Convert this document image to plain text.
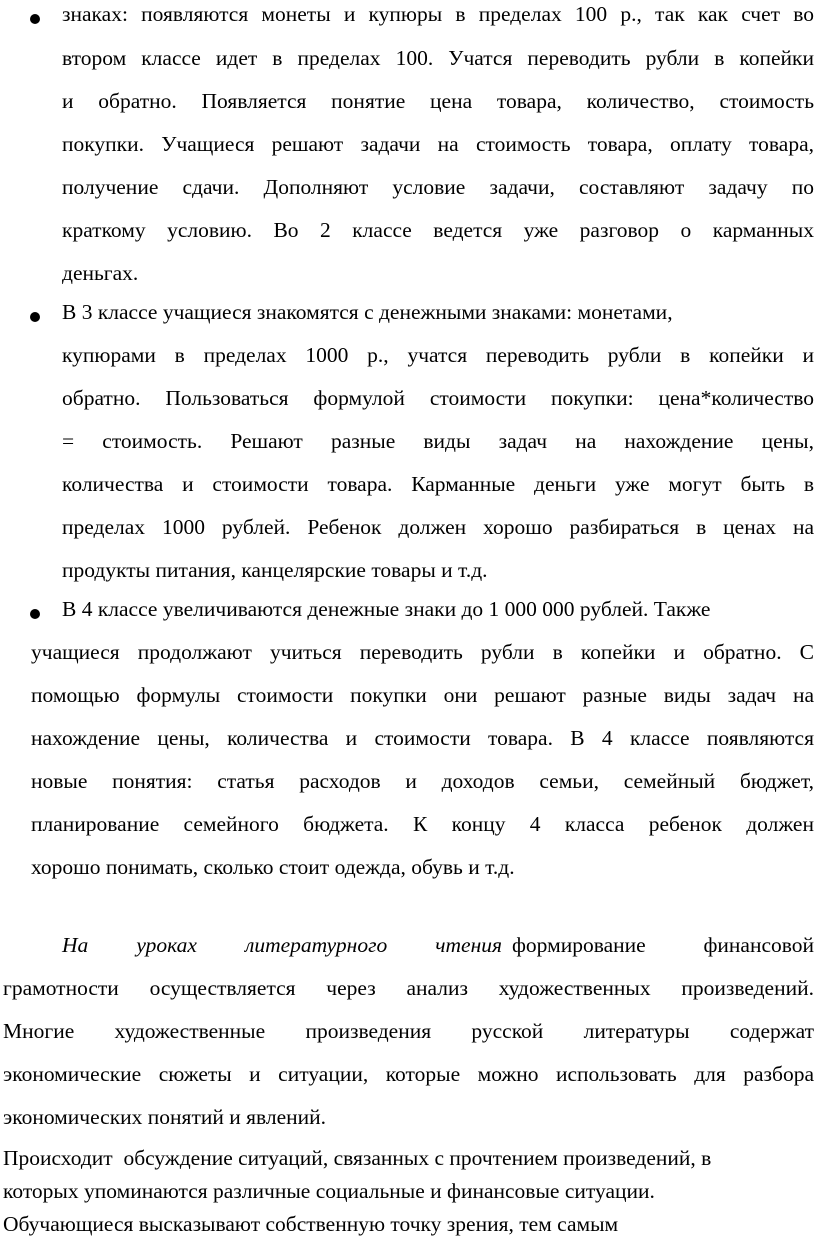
знаках: появляются монеты и купюры в пределах 100 р., так как счет во
втором классе идет в пределах 100. Учатся переводить рубли в копейки
и обратно. Появляется понятие цена товара, количество, стоимость
покупки. Учащиеся решают задачи на стоимость товара, оплату товара,
получение сдачи. Дополняют условие задачи, составляют задачу по
краткому условию. Во 2 классе ведется уже разговор о карманных
деньгах.
В 3 классе учащиеся знакомятся с денежными знаками: монетами,
купюрами в пределах 1000 р., учатся переводить рубли в копейки и
обратно. Пользоваться формулой стоимости покупки: цена*количество
= стоимость. Решают разные виды задач на нахождение цены,
количества и стоимости товара. Карманные деньги уже могут быть в
пределах 1000 рублей. Ребенок должен хорошо разбираться в ценах на
продукты питания, канцелярские товары и т.д.
В 4 классе увеличиваются денежные знаки до 1 000 000 рублей. Также
учащиеся продолжают учиться переводить рубли в копейки и обратно. С
помощью формулы стоимости покупки они решают разные виды задач на
нахождение цены, количества и стоимости товара. В 4 классе появляются
новые понятия: статья расходов и доходов семьи, семейный бюджет,
планирование семейного бюджета. К концу 4 класса ребенок должен
хорошо понимать, сколько стоит одежда, обувь и т.д.
На уроках литературного чтения формирование	финансовой
грамотности осуществляется через анализ художественных произведений.
Многие художественные произведения русской литературы содержат
экономические сюжеты и ситуации, которые можно использовать для разбора
экономических понятий и явлений.
Происходит  обсуждение ситуаций, связанных с прочтением произведений, в
которых упоминаются различные социальные и финансовые ситуации.
Обучающиеся высказывают собственную точку зрения, тем самым
